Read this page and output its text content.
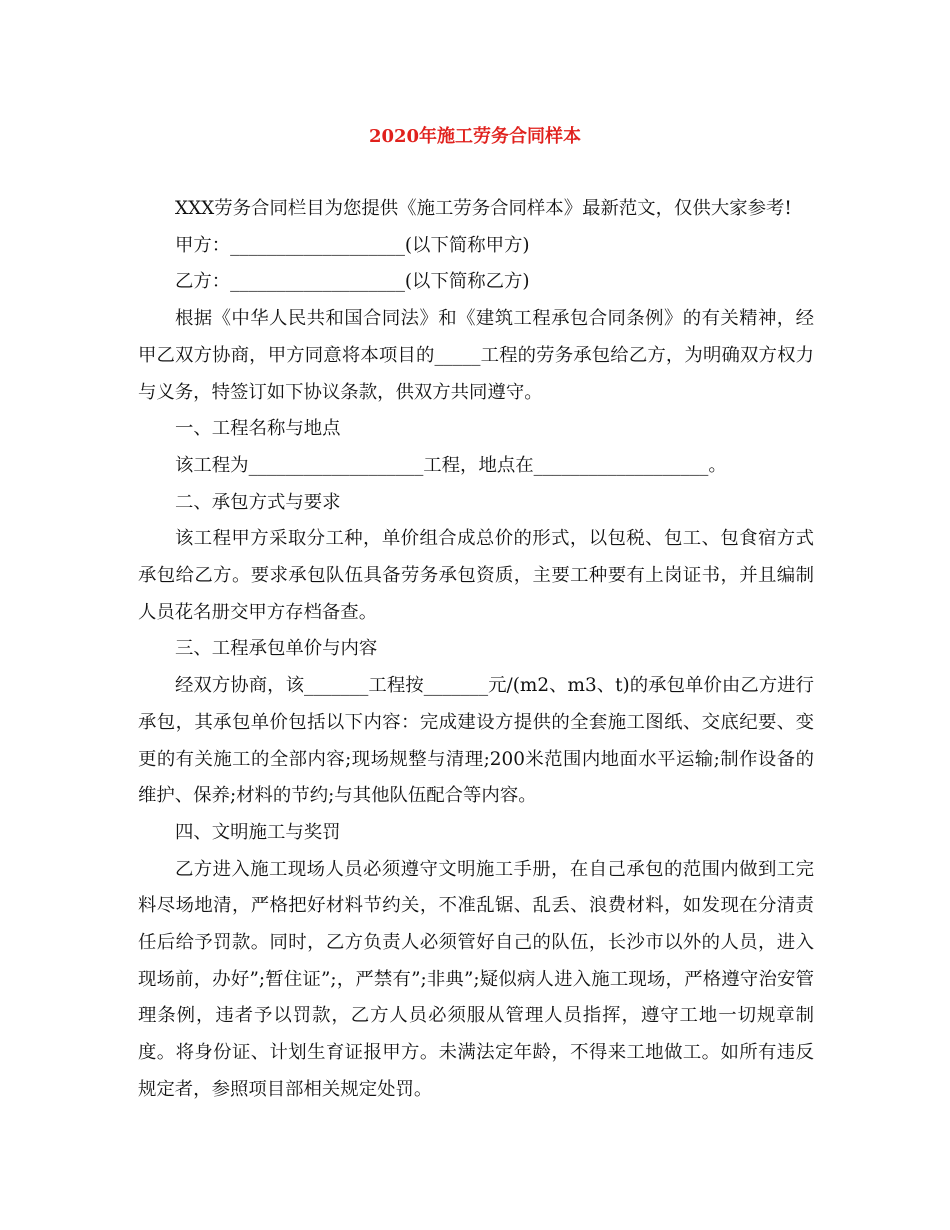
2020年施工劳务合同样本

XXX劳务合同栏目为您提供《施工劳务合同样本》最新范文，仅供大家参考!

甲方：___________________(以下简称甲方)

乙方：___________________(以下简称乙方)

根据《中华人民共和国合同法》和《建筑工程承包合同条例》的有关精神，经甲乙双方协商，甲方同意将本项目的_____工程的劳务承包给乙方，为明确双方权力与义务，特签订如下协议条款，供双方共同遵守。

一、工程名称与地点

该工程为___________________工程，地点在___________________。

二、承包方式与要求

该工程甲方采取分工种，单价组合成总价的形式，以包税、包工、包食宿方式承包给乙方。要求承包队伍具备劳务承包资质，主要工种要有上岗证书，并且编制人员花名册交甲方存档备查。

三、工程承包单价与内容

经双方协商，该_______工程按_______元/(m2、m3、t)的承包单价由乙方进行承包，其承包单价包括以下内容：完成建设方提供的全套施工图纸、交底纪要、变更的有关施工的全部内容;现场规整与清理;200米范围内地面水平运输;制作设备的维护、保养;材料的节约;与其他队伍配合等内容。

四、文明施工与奖罚

乙方进入施工现场人员必须遵守文明施工手册，在自己承包的范围内做到工完料尽场地清，严格把好材料节约关，不准乱锯、乱丢、浪费材料，如发现在分清责任后给予罚款。同时，乙方负责人必须管好自己的队伍，长沙市以外的人员，进入现场前，办好”;暂住证”;，严禁有”;非典”;疑似病人进入施工现场，严格遵守治安管理条例，违者予以罚款，乙方人员必须服从管理人员指挥，遵守工地一切规章制度。将身份证、计划生育证报甲方。未满法定年龄，不得来工地做工。如所有违反规定者，参照项目部相关规定处罚。
